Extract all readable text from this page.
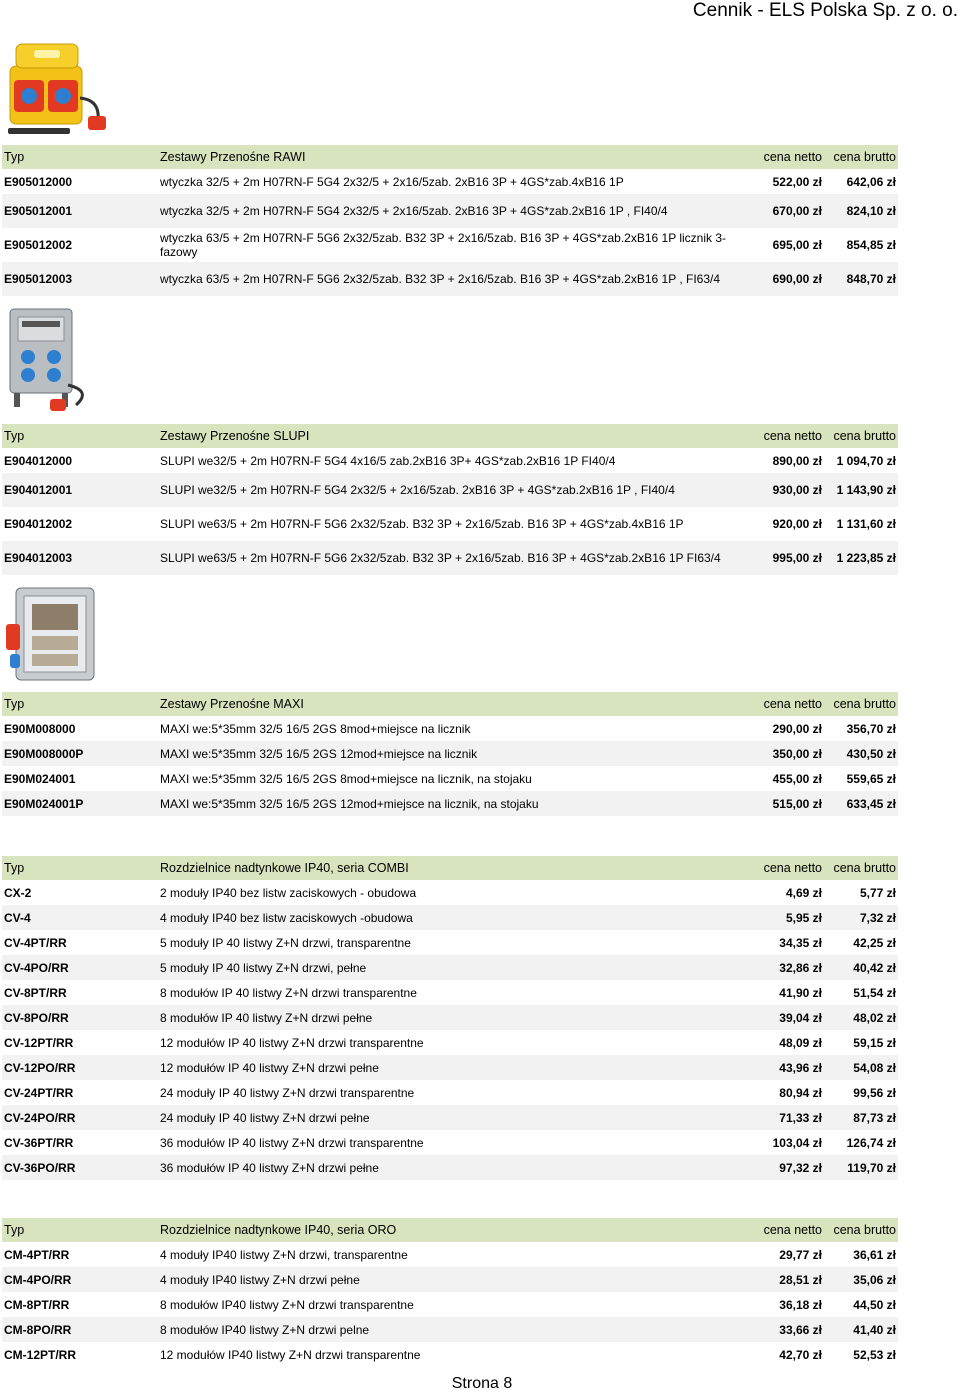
Cennik - ELS Polska Sp. z o. o.
Typ	Zestawy Przenośne RAWI	cena netto	cena brutto
E905012000	wtyczka 32/5 + 2m H07RN-F 5G4 2x32/5 + 2x16/5zab. 2xB16 3P + 4GS*zab.4xB16 1P	522,00 zł	642,06 zł
E905012001	wtyczka 32/5 + 2m H07RN-F 5G4 2x32/5 + 2x16/5zab. 2xB16 3P + 4GS*zab.2xB16 1P , FI40/4	670,00 zł	824,10 zł
E905012002	wtyczka 63/5 + 2m H07RN-F 5G6 2x32/5zab. B32 3P + 2x16/5zab. B16 3P + 4GS*zab.2xB16 1P licznik 3-fazowy	695,00 zł	854,85 zł
E905012003	wtyczka 63/5 + 2m H07RN-F 5G6 2x32/5zab. B32 3P + 2x16/5zab. B16 3P + 4GS*zab.2xB16 1P , FI63/4	690,00 zł	848,70 zł
Typ	Zestawy Przenośne SLUPI	cena netto	cena brutto
E904012000	SLUPI we32/5 + 2m H07RN-F 5G4 4x16/5 zab.2xB16 3P+ 4GS*zab.2xB16 1P FI40/4	890,00 zł	1 094,70 zł
E904012001	SLUPI we32/5 + 2m H07RN-F 5G4 2x32/5 + 2x16/5zab. 2xB16 3P + 4GS*zab.2xB16 1P , FI40/4	930,00 zł	1 143,90 zł
E904012002	SLUPI we63/5 + 2m H07RN-F 5G6 2x32/5zab. B32 3P + 2x16/5zab. B16 3P + 4GS*zab.4xB16 1P	920,00 zł	1 131,60 zł
E904012003	SLUPI we63/5 + 2m H07RN-F 5G6 2x32/5zab. B32 3P + 2x16/5zab. B16 3P + 4GS*zab.2xB16 1P FI63/4	995,00 zł	1 223,85 zł
Typ	Zestawy Przenośne MAXI	cena netto	cena brutto
E90M008000	MAXI we:5*35mm 32/5 16/5 2GS 8mod+miejsce na licznik	290,00 zł	356,70 zł
E90M008000P	MAXI we:5*35mm 32/5 16/5 2GS 12mod+miejsce na licznik	350,00 zł	430,50 zł
E90M024001	MAXI we:5*35mm 32/5 16/5 2GS 8mod+miejsce na licznik, na stojaku	455,00 zł	559,65 zł
E90M024001P	MAXI we:5*35mm 32/5 16/5 2GS 12mod+miejsce na licznik, na stojaku	515,00 zł	633,45 zł
Typ	Rozdzielnice nadtynkowe IP40, seria COMBI	cena netto	cena brutto
CX-2	2 moduły IP40 bez listw zaciskowych - obudowa	4,69 zł	5,77 zł
CV-4	4 moduły IP40 bez listw zaciskowych -obudowa	5,95 zł	7,32 zł
CV-4PT/RR	5 moduły IP 40 listwy Z+N drzwi, transparentne	34,35 zł	42,25 zł
CV-4PO/RR	5 moduły IP 40 listwy Z+N drzwi, pełne	32,86 zł	40,42 zł
CV-8PT/RR	8 modułów IP 40 listwy Z+N drzwi transparentne	41,90 zł	51,54 zł
CV-8PO/RR	8 modułów IP 40 listwy Z+N drzwi pełne	39,04 zł	48,02 zł
CV-12PT/RR	12 modułów IP 40 listwy Z+N drzwi transparentne	48,09 zł	59,15 zł
CV-12PO/RR	12 modułów IP 40 listwy Z+N drzwi pełne	43,96 zł	54,08 zł
CV-24PT/RR	24 moduły IP 40 listwy Z+N drzwi transparentne	80,94 zł	99,56 zł
CV-24PO/RR	24 moduły IP 40 listwy Z+N drzwi pełne	71,33 zł	87,73 zł
CV-36PT/RR	36 modułów IP 40 listwy Z+N drzwi transparentne	103,04 zł	126,74 zł
CV-36PO/RR	36 modułów IP 40 listwy Z+N drzwi pełne	97,32 zł	119,70 zł
Typ	Rozdzielnice nadtynkowe IP40, seria ORO	cena netto	cena brutto
CM-4PT/RR	4 moduły IP40 listwy Z+N drzwi, transparentne	29,77 zł	36,61 zł
CM-4PO/RR	4 moduły IP40 listwy Z+N drzwi pełne	28,51 zł	35,06 zł
CM-8PT/RR	8 modułów IP40 listwy Z+N drzwi transparentne	36,18 zł	44,50 zł
CM-8PO/RR	8 modułów IP40 listwy Z+N drzwi pelne	33,66 zł	41,40 zł
CM-12PT/RR	12 modułów IP40 listwy Z+N drzwi transparentne	42,70 zł	52,53 zł
Strona 8
